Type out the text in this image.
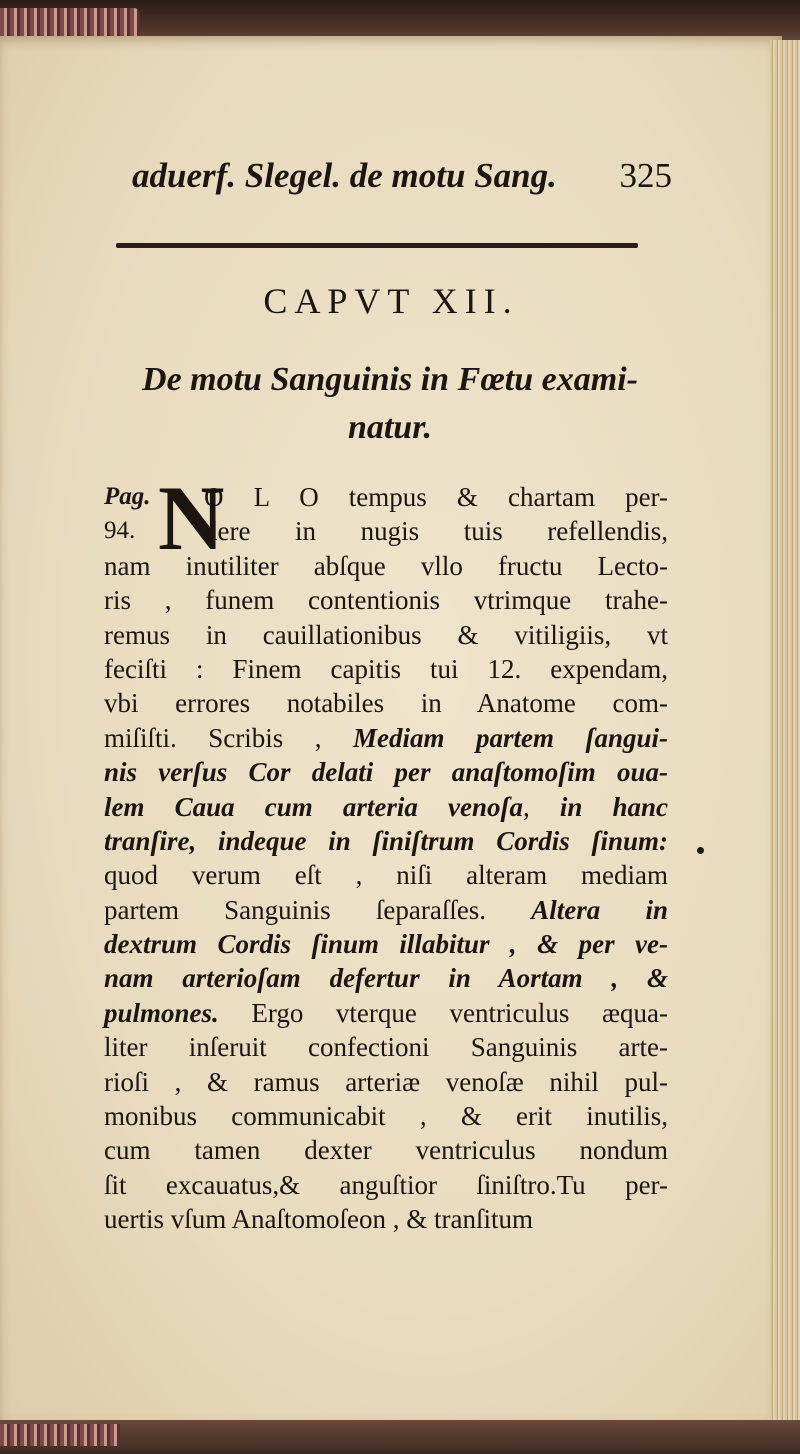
aduerf. Slegel. de motu Sang. 325
CAPVT XII.
De motu Sanguinis in Fœtu exami-
natur.
Pag.
94. N
O L O tempus & chartam per-
dere in nugis tuis refellendis,
nam inutiliter abſque vllo fructu Lecto-
ris , funem contentionis vtrimque trahe-
remus in cauillationibus & vitiligiis, vt
feciſti : Finem capitis tui 12. expendam,
vbi errores notabiles in Anatome com-
miſiſti. Scribis , Mediam partem ſangui-
nis verſus Cor delati per anaſtomoſim oua-
lem Caua cum arteria venoſa, in hanc
tranſire, indeque in ſiniſtrum Cordis ſinum:
quod verum eſt , niſi alteram mediam
partem Sanguinis ſeparaſſes. Altera in
dextrum Cordis ſinum illabitur , & per ve-
nam arterioſam defertur in Aortam , &
pulmones. Ergo vterque ventriculus æqua-
liter inſeruit confectioni Sanguinis arte-
rioſi , & ramus arteriæ venoſæ nihil pul-
monibus communicabit , & erit inutilis,
cum tamen dexter ventriculus nondum
ſit excauatus,& anguſtior ſiniſtro.Tu per-
uertis vſum Anaſtomoſeon , & tranſitum
